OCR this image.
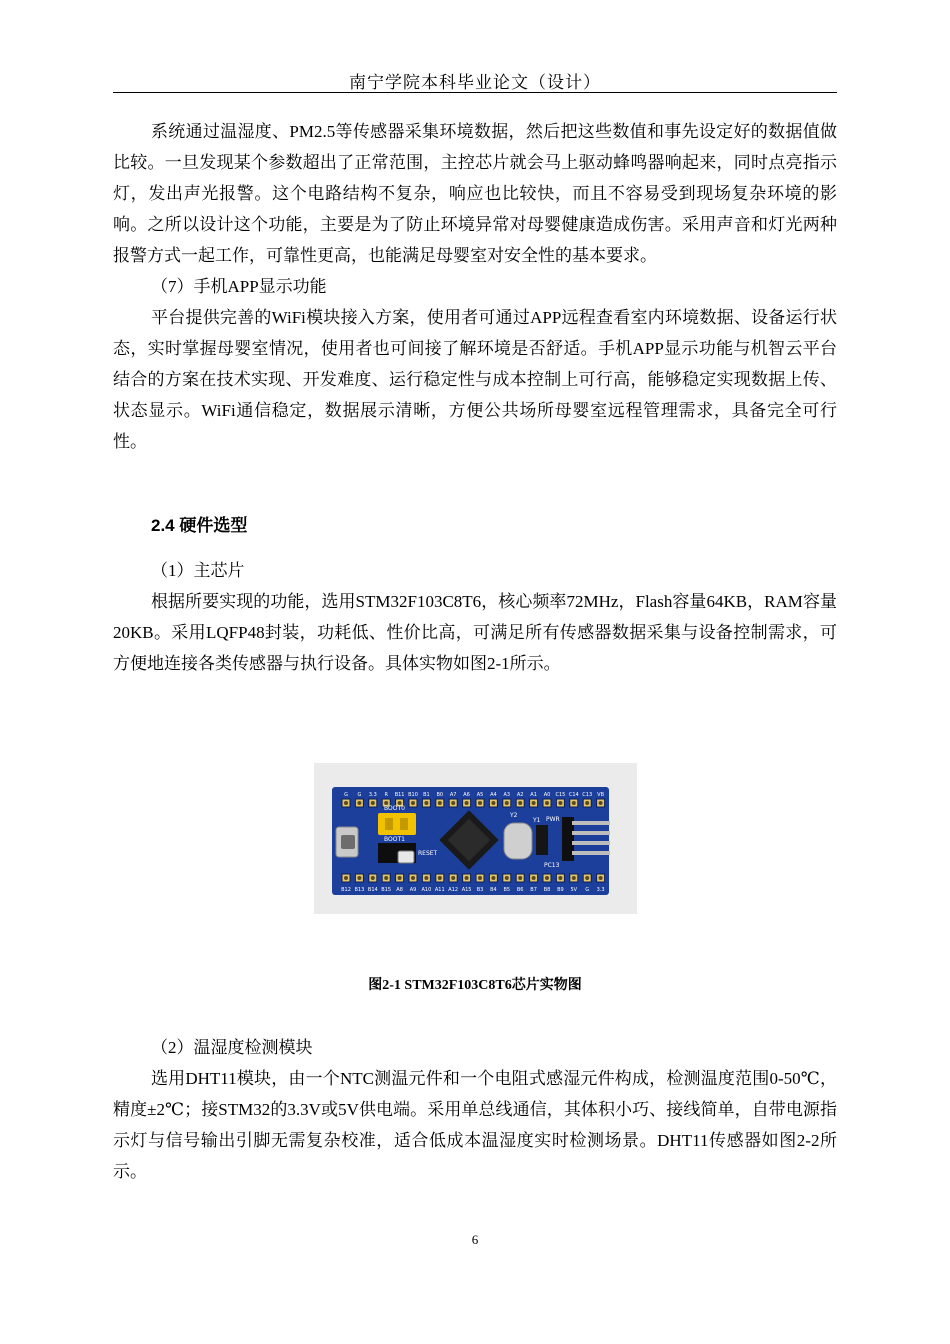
南宁学院本科毕业论文（设计）

系统通过温湿度、PM2.5等传感器采集环境数据，然后把这些数值和事先设定好的数据值做比较。一旦发现某个参数超出了正常范围，主控芯片就会马上驱动蜂鸣器响起来，同时点亮指示灯，发出声光报警。这个电路结构不复杂，响应也比较快，而且不容易受到现场复杂环境的影响。之所以设计这个功能，主要是为了防止环境异常对母婴健康造成伤害。采用声音和灯光两种报警方式一起工作，可靠性更高，也能满足母婴室对安全性的基本要求。

（7）手机APP显示功能

平台提供完善的WiFi模块接入方案，使用者可通过APP远程查看室内环境数据、设备运行状态，实时掌握母婴室情况，使用者也可间接了解环境是否舒适。手机APP显示功能与机智云平台结合的方案在技术实现、开发难度、运行稳定性与成本控制上可行高，能够稳定实现数据上传、状态显示。WiFi通信稳定，数据展示清晰，方便公共场所母婴室远程管理需求，具备完全可行性。

2.4 硬件选型

（1）主芯片

根据所要实现的功能，选用STM32F103C8T6，核心频率72MHz，Flash容量64KB，RAM容量20KB。采用LQFP48封装，功耗低、性价比高，可满足所有传感器数据采集与设备控制需求，可方便地连接各类传感器与执行设备。具体实物如图2-1所示。

G G 3.3 R B11 B10 B1 B0 A7 A6 A5 A4 A3 A2 A1 A0 C15 C14 C13 VB
B12 B13 B14 B15 A8 A9 A10 A11 A12 A15 B3 B4 B5 B6 B7 B8 B9 5V G 3.3
BOOT0
BOOT1
RESET
Y2
Y1 PWR
PC13
图2-1 STM32F103C8T6芯片实物图

（2）温湿度检测模块

选用DHT11模块，由一个NTC测温元件和一个电阻式感湿元件构成，检测温度范围0-50℃，精度±2℃；接STM32的3.3V或5V供电端。采用单总线通信，其体积小巧、接线简单，自带电源指示灯与信号输出引脚无需复杂校准，适合低成本温湿度实时检测场景。DHT11传感器如图2-2所示。

6
